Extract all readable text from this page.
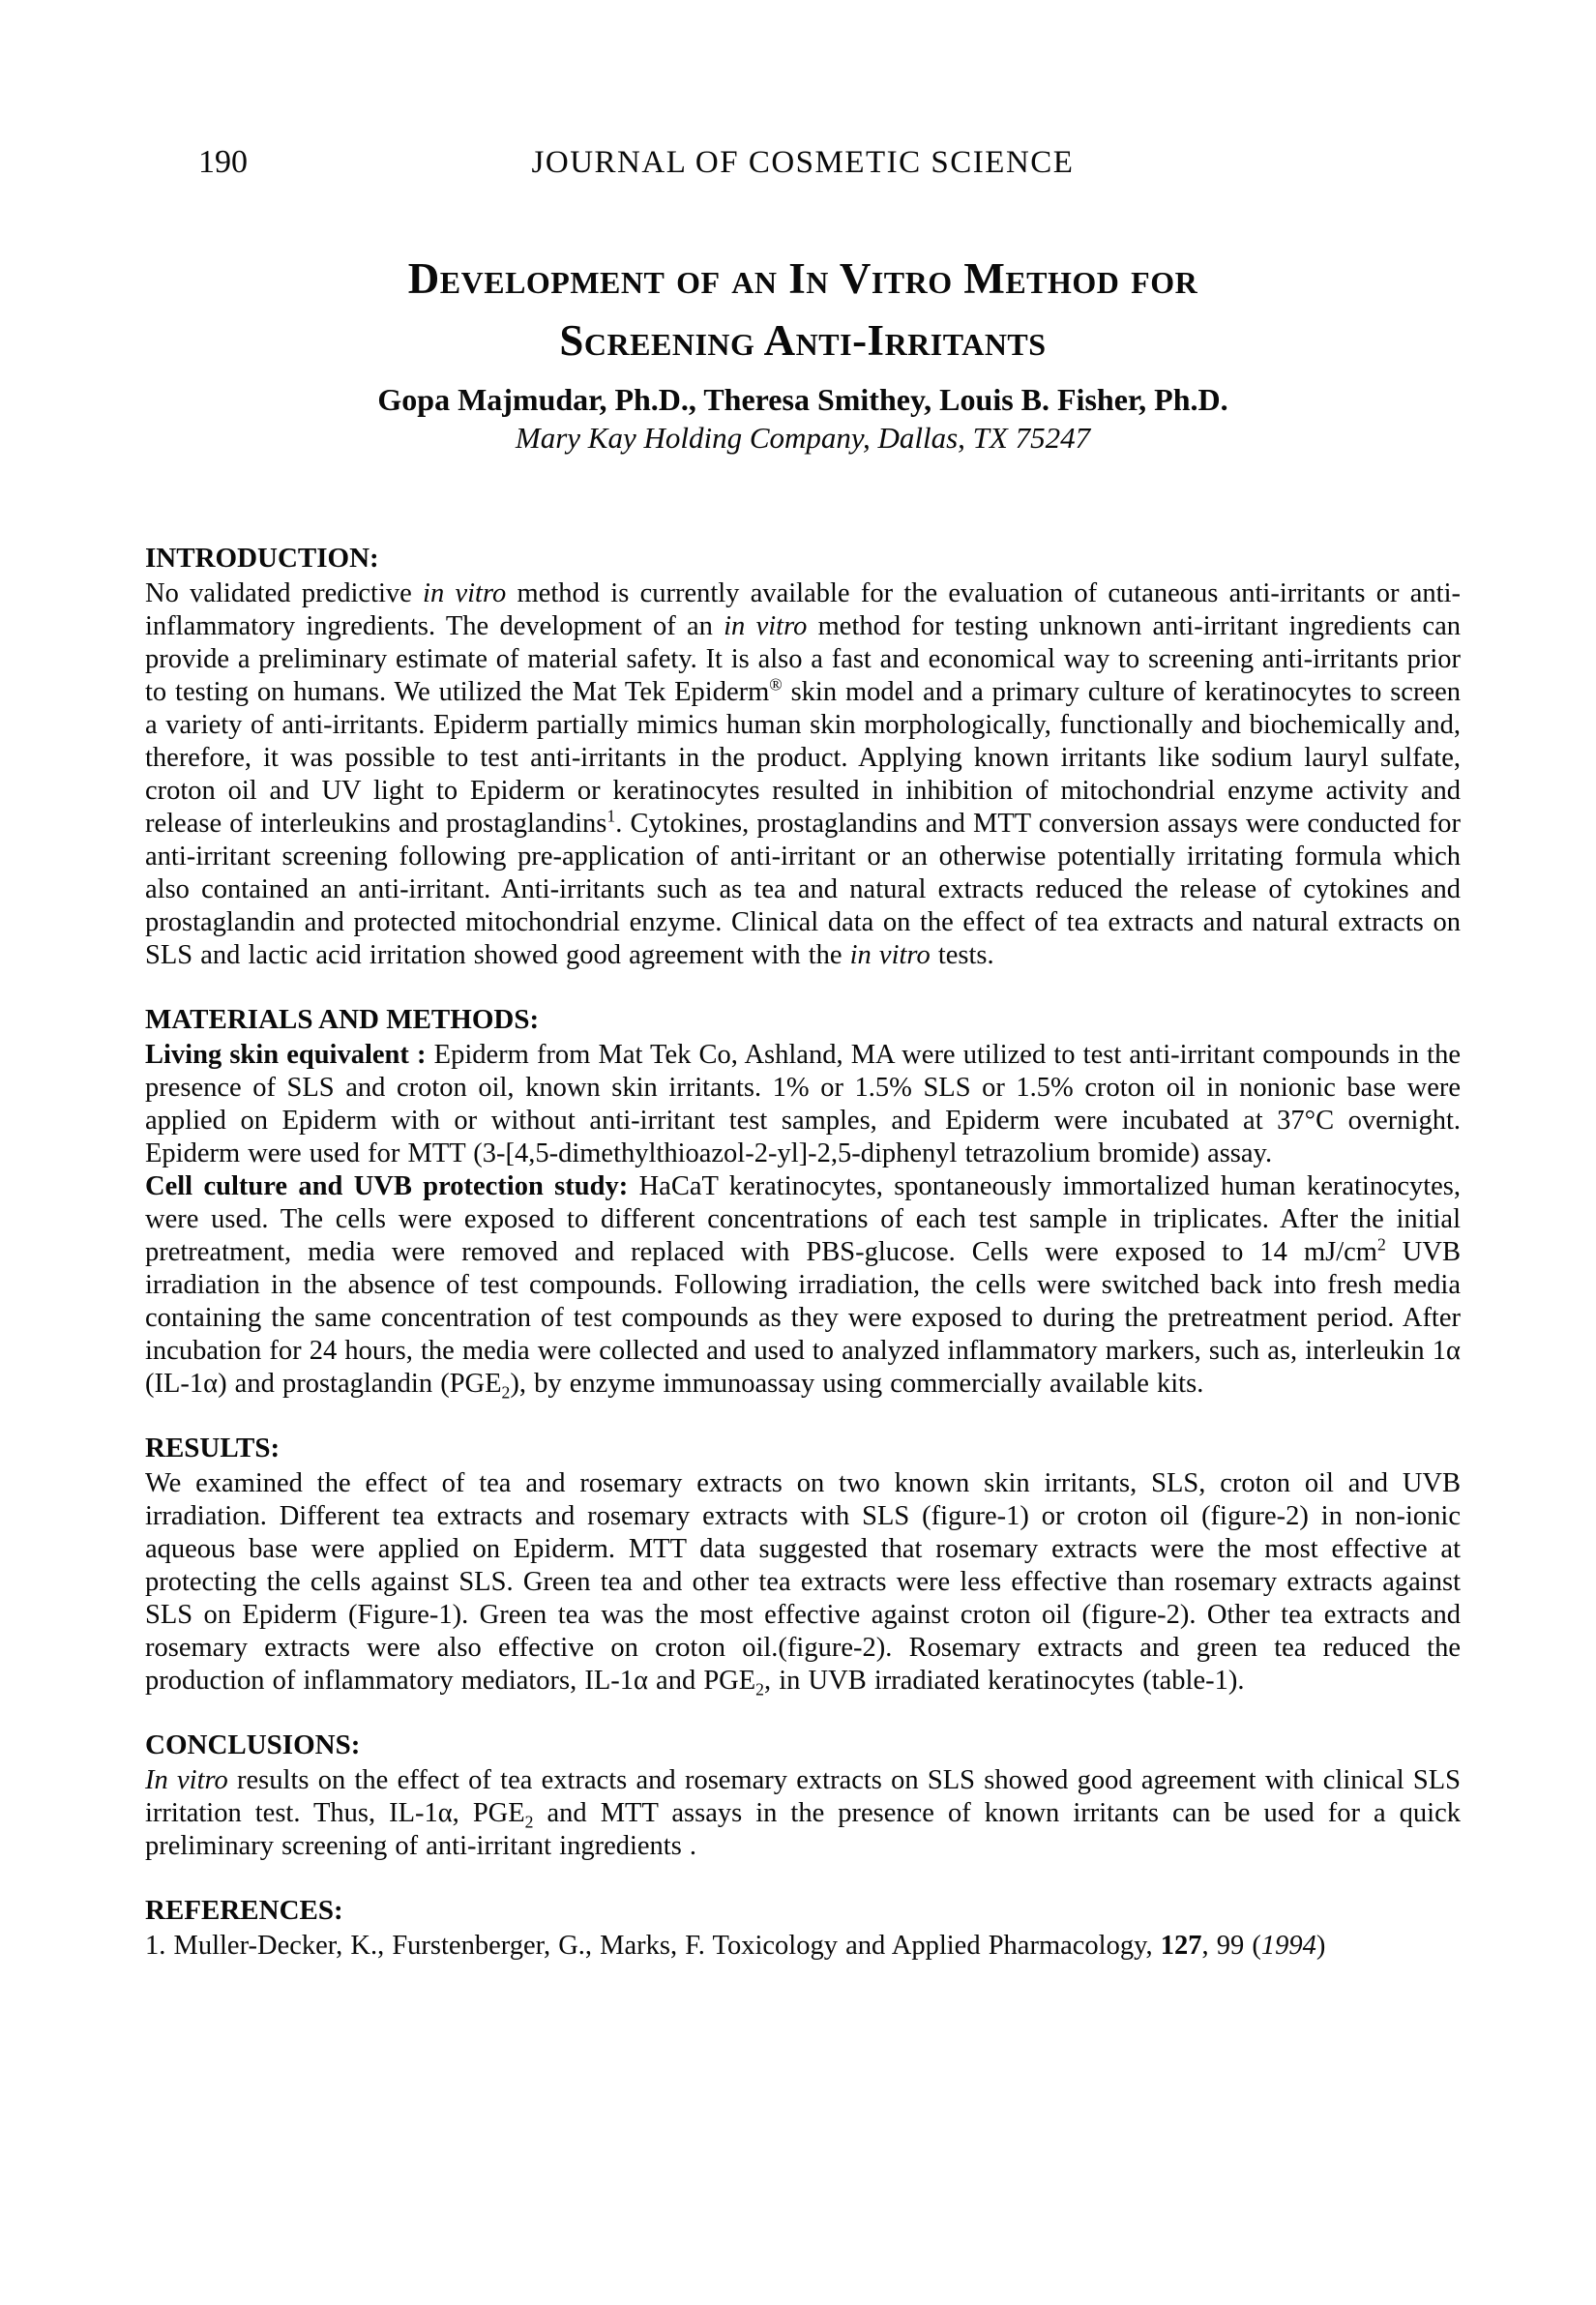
190	JOURNAL OF COSMETIC SCIENCE
Development of an In Vitro Method for
Screening Anti-Irritants
Gopa Majmudar, Ph.D., Theresa Smithey, Louis B. Fisher, Ph.D.
Mary Kay Holding Company, Dallas, TX 75247
INTRODUCTION:

No validated predictive in vitro method is currently available for the evaluation of cutaneous anti-irritants or anti-inflammatory ingredients. The development of an in vitro method for testing unknown anti-irritant ingredients can provide a preliminary estimate of material safety. It is also a fast and economical way to screening anti-irritants prior to testing on humans. We utilized the Mat Tek Epiderm® skin model and a primary culture of keratinocytes to screen a variety of anti-irritants. Epiderm partially mimics human skin morphologically, functionally and biochemically and, therefore, it was possible to test anti-irritants in the product. Applying known irritants like sodium lauryl sulfate, croton oil and UV light to Epiderm or keratinocytes resulted in inhibition of mitochondrial enzyme activity and release of interleukins and prostaglandins$^1$. Cytokines, prostaglandins and MTT conversion assays were conducted for anti-irritant screening following pre-application of anti-irritant or an otherwise potentially irritating formula which also contained an anti-irritant. Anti-irritants such as tea and natural extracts reduced the release of cytokines and prostaglandin and protected mitochondrial enzyme. Clinical data on the effect of tea extracts and natural extracts on SLS and lactic acid irritation showed good agreement with the in vitro tests.

MATERIALS AND METHODS:

Living skin equivalent : Epiderm from Mat Tek Co, Ashland, MA were utilized to test anti-irritant compounds in the presence of SLS and croton oil, known skin irritants. 1% or 1.5% SLS or 1.5% croton oil in nonionic base were applied on Epiderm with or without anti-irritant test samples, and Epiderm were incubated at 37°C overnight. Epiderm were used for MTT (3-[4,5-dimethylthioazol-2-yl]-2,5-diphenyl tetrazolium bromide) assay.

Cell culture and UVB protection study: HaCaT keratinocytes, spontaneously immortalized human keratinocytes, were used. The cells were exposed to different concentrations of each test sample in triplicates. After the initial pretreatment, media were removed and replaced with PBS-glucose. Cells were exposed to 14 $mJ/cm^2$ UVB irradiation in the absence of test compounds. Following irradiation, the cells were switched back into fresh media containing the same concentration of test compounds as they were exposed to during the pretreatment period. After incubation for 24 hours, the media were collected and used to analyzed inflammatory markers, such as, interleukin 1α (IL-1α) and prostaglandin $(PGE_2)$, by enzyme immunoassay using commercially available kits.

RESULTS:

We examined the effect of tea and rosemary extracts on two known skin irritants, SLS, croton oil and UVB irradiation. Different tea extracts and rosemary extracts with SLS (figure-1) or croton oil (figure-2) in non-ionic aqueous base were applied on Epiderm. MTT data suggested that rosemary extracts were the most effective at protecting the cells against SLS. Green tea and other tea extracts were less effective than rosemary extracts against SLS on Epiderm (Figure-1). Green tea was the most effective against croton oil (figure-2). Other tea extracts and rosemary extracts were also effective on croton oil.(figure-2). Rosemary extracts and green tea reduced the production of inflammatory mediators, IL-1α and $PGE_2$, in UVB irradiated keratinocytes (table-1).

CONCLUSIONS:

In vitro results on the effect of tea extracts and rosemary extracts on SLS showed good agreement with clinical SLS irritation test. Thus, IL-1α, $PGE_2$ and MTT assays in the presence of known irritants can be used for a quick preliminary screening of anti-irritant ingredients .

REFERENCES:

1. Muller-Decker, K., Furstenberger, G., Marks, F. Toxicology and Applied Pharmacology, 127, 99 (1994)
